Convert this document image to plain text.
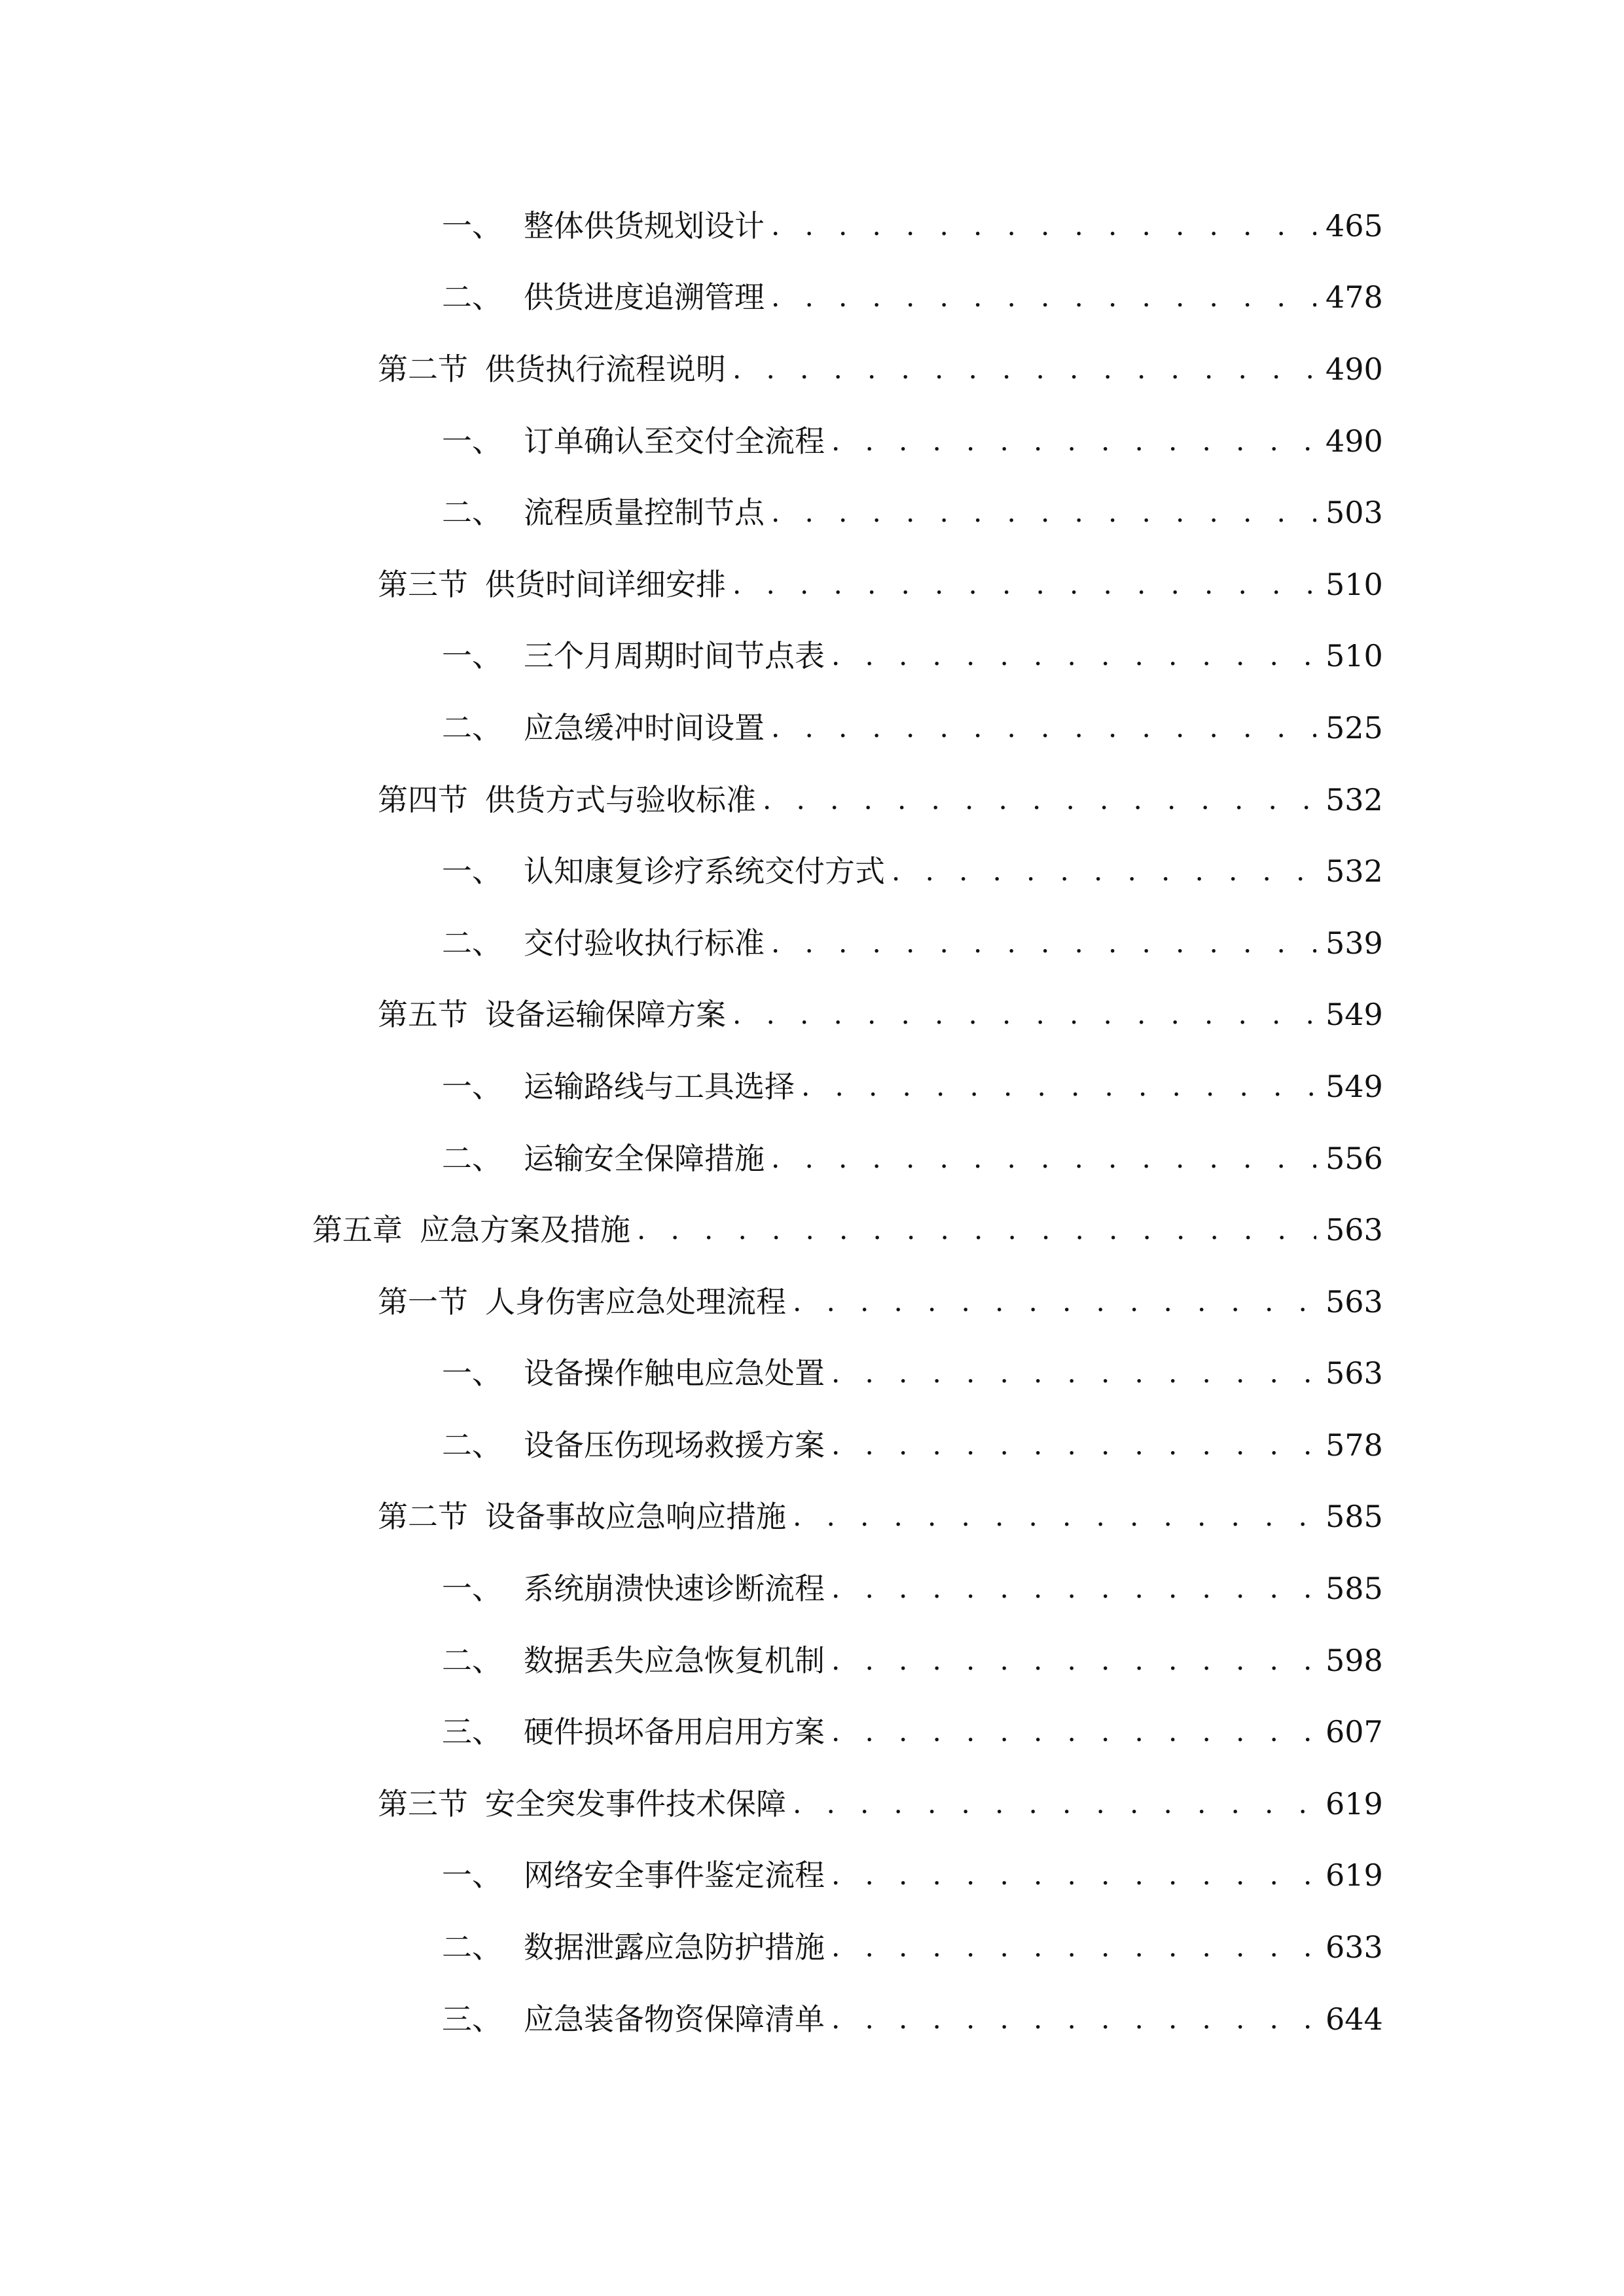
一、 整体供货规划设计 . . .	465
二、 供货进度追溯管理 . . .	478
第二节 供货执行流程说明 . . .	490
一、 订单确认至交付全流程 . . .	490
二、 流程质量控制节点 . . .	503
第三节 供货时间详细安排 . . .	510
一、 三个月周期时间节点表 . . .	510
二、 应急缓冲时间设置 . . .	525
第四节 供货方式与验收标准 . . .	532
一、 认知康复诊疗系统交付方式 . . .	532
二、 交付验收执行标准 . . .	539
第五节 设备运输保障方案 . . .	549
一、 运输路线与工具选择 . . .	549
二、 运输安全保障措施 . . .	556
第五章 应急方案及措施 . . .	563
第一节 人身伤害应急处理流程 . . .	563
一、 设备操作触电应急处置 . . .	563
二、 设备压伤现场救援方案 . . .	578
第二节 设备事故应急响应措施 . . .	585
一、 系统崩溃快速诊断流程 . . .	585
二、 数据丢失应急恢复机制 . . .	598
三、 硬件损坏备用启用方案 . . .	607
第三节 安全突发事件技术保障 . . .	619
一、 网络安全事件鉴定流程 . . .	619
二、 数据泄露应急防护措施 . . .	633
三、 应急装备物资保障清单 . . .	644
